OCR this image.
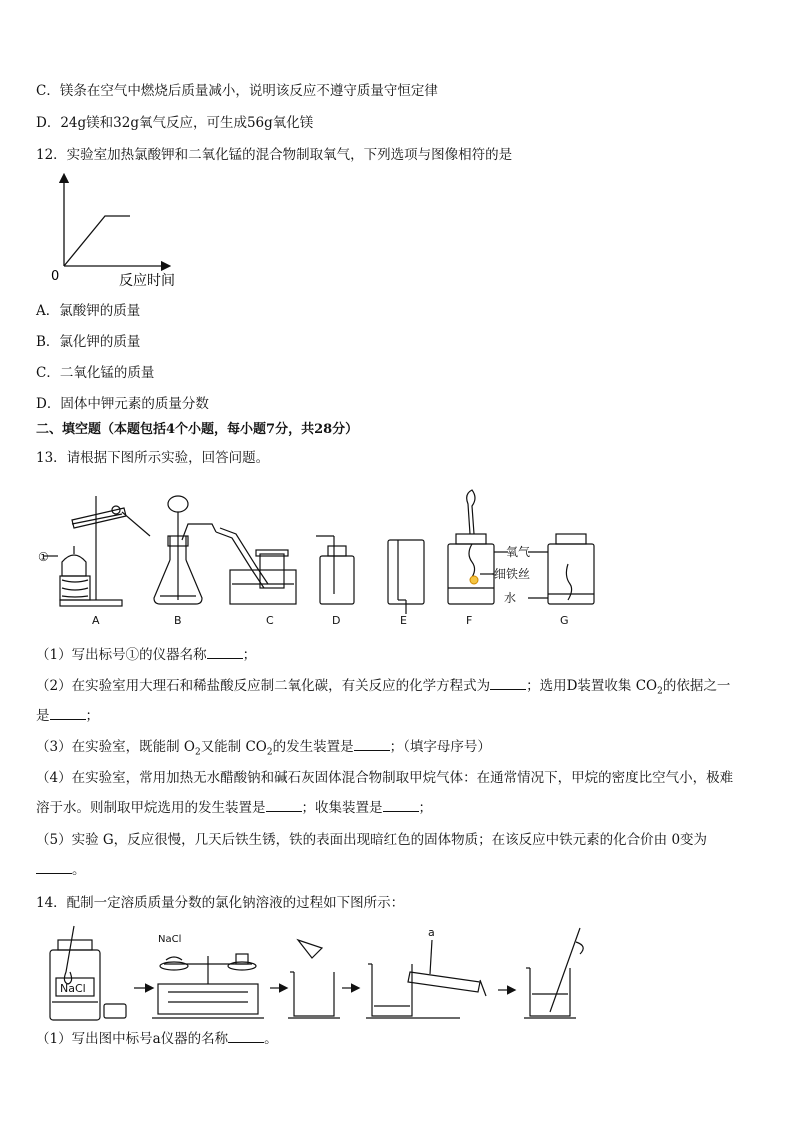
C．镁条在空气中燃烧后质量减小，说明该反应不遵守质量守恒定律
D．24g镁和32g氧气反应，可生成56g氧化镁
12．实验室加热氯酸钾和二氧化锰的混合物制取氧气，下列选项与图像相符的是
0	反应时间
A．氯酸钾的质量
B．氯化钾的质量
C．二氧化锰的质量
D．固体中钾元素的质量分数
二、填空题（本题包括4个小题，每小题7分，共28分）
13．请根据下图所示实验，回答问题。
①	氧气
细铁丝
水
A	B	C	D	E	F	G
（1）写出标号①的仪器名称	；
（2）在实验室用大理石和稀盐酸反应制二氧化碳，有关反应的化学方程式为	；选用D装置收集 $CO_2$的依据之一
是	；
（3）在实验室，既能制 $O_2$又能制 $CO_2$的发生装置是	；（填字母序号）
（4）在实验室，常用加热无水醋酸钠和碱石灰固体混合物制取甲烷气体：在通常情况下，甲烷的密度比空气小，极难
溶于水。则制取甲烷选用的发生装置是	；收集装置是	；
（5）实验 G，反应很慢，几天后铁生锈，铁的表面出现暗红色的固体物质；在该反应中铁元素的化合价由 0变为
。
14．配制一定溶质质量分数的氯化钠溶液的过程如下图所示：
NaCl
NaCl
a
（1）写出图中标号a仪器的名称	。
